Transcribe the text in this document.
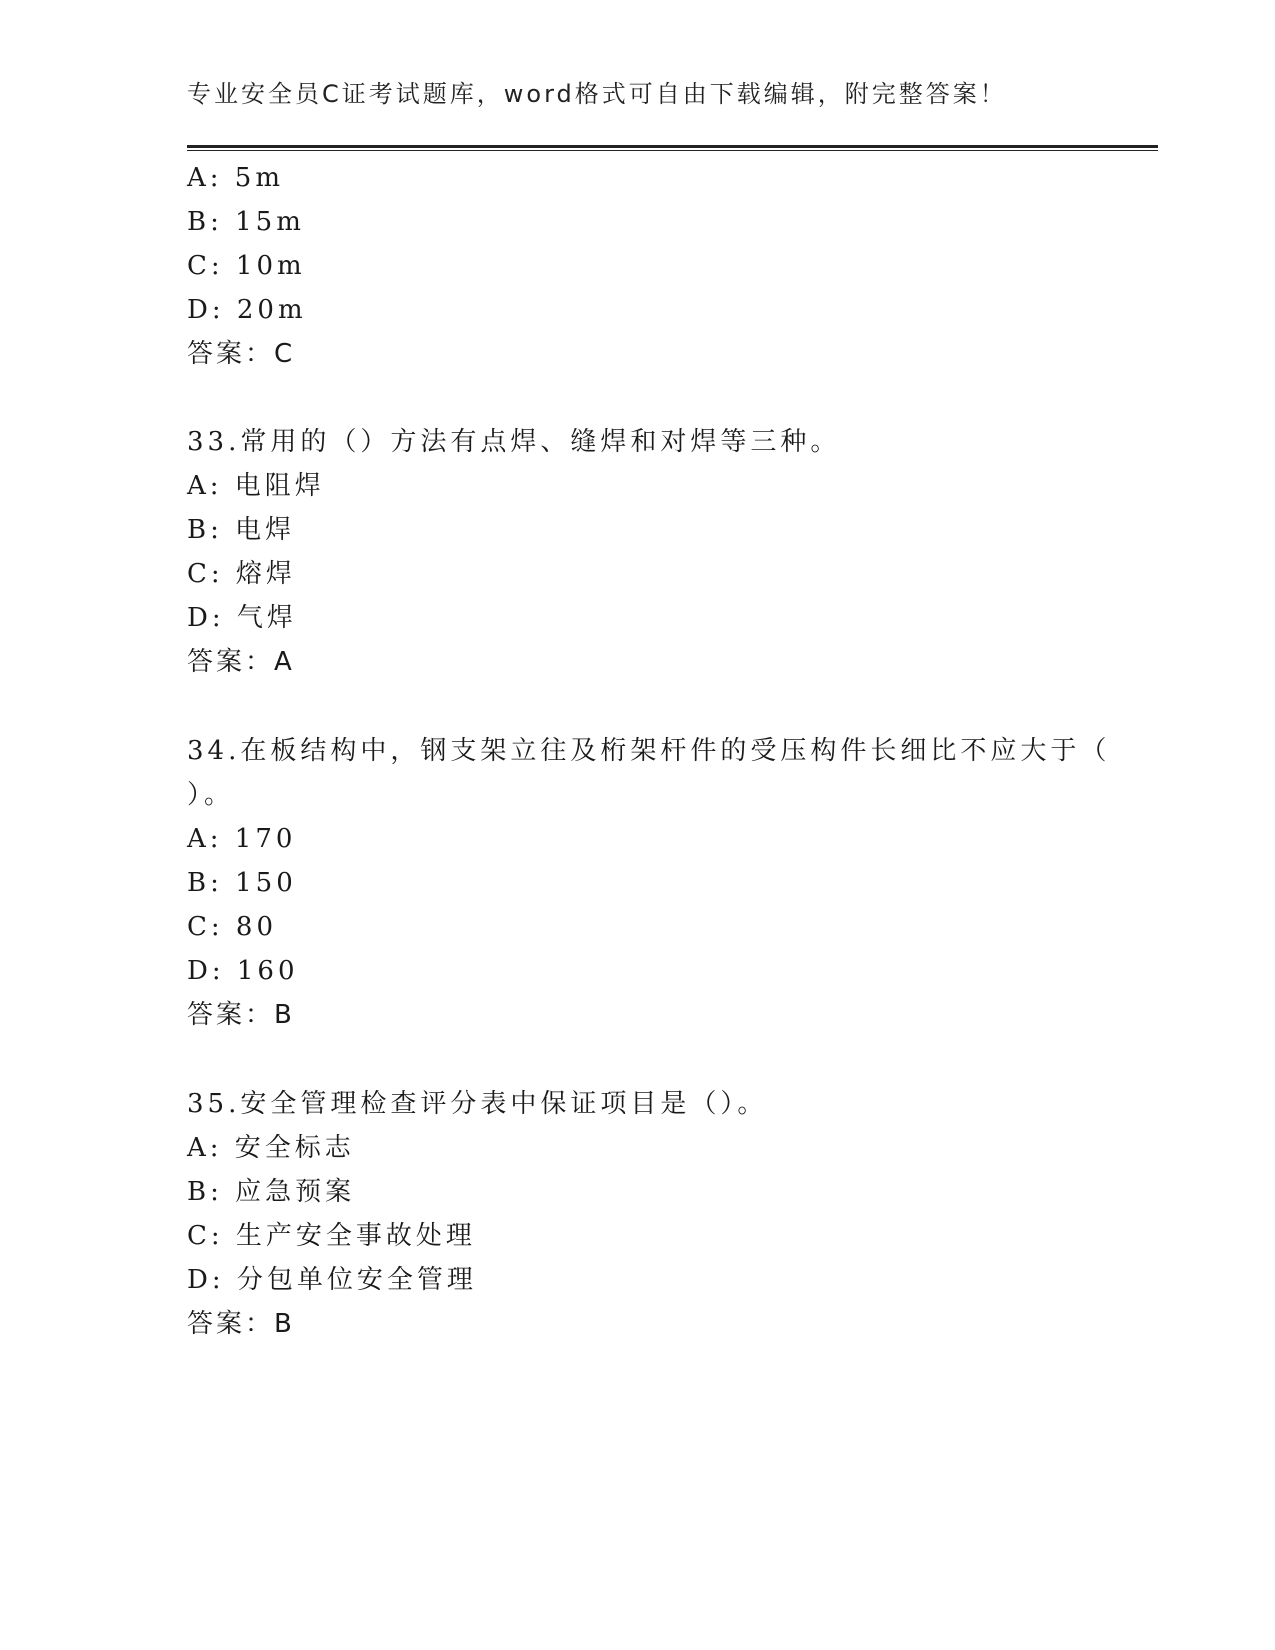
专业安全员C证考试题库，word格式可自由下载编辑，附完整答案！
A: 5m
B: 15m
C: 10m
D: 20m
答案：C
33.常用的（）方法有点焊、缝焊和对焊等三种。
A: 电阻焊
B: 电焊
C: 熔焊
D: 气焊
答案：A
34.在板结构中，钢支架立往及桁架杆件的受压构件长细比不应大于（
）。
A: 170
B: 150
C: 80
D: 160
答案：B
35.安全管理检查评分表中保证项目是（）。
A: 安全标志
B: 应急预案
C: 生产安全事故处理
D: 分包单位安全管理
答案：B
